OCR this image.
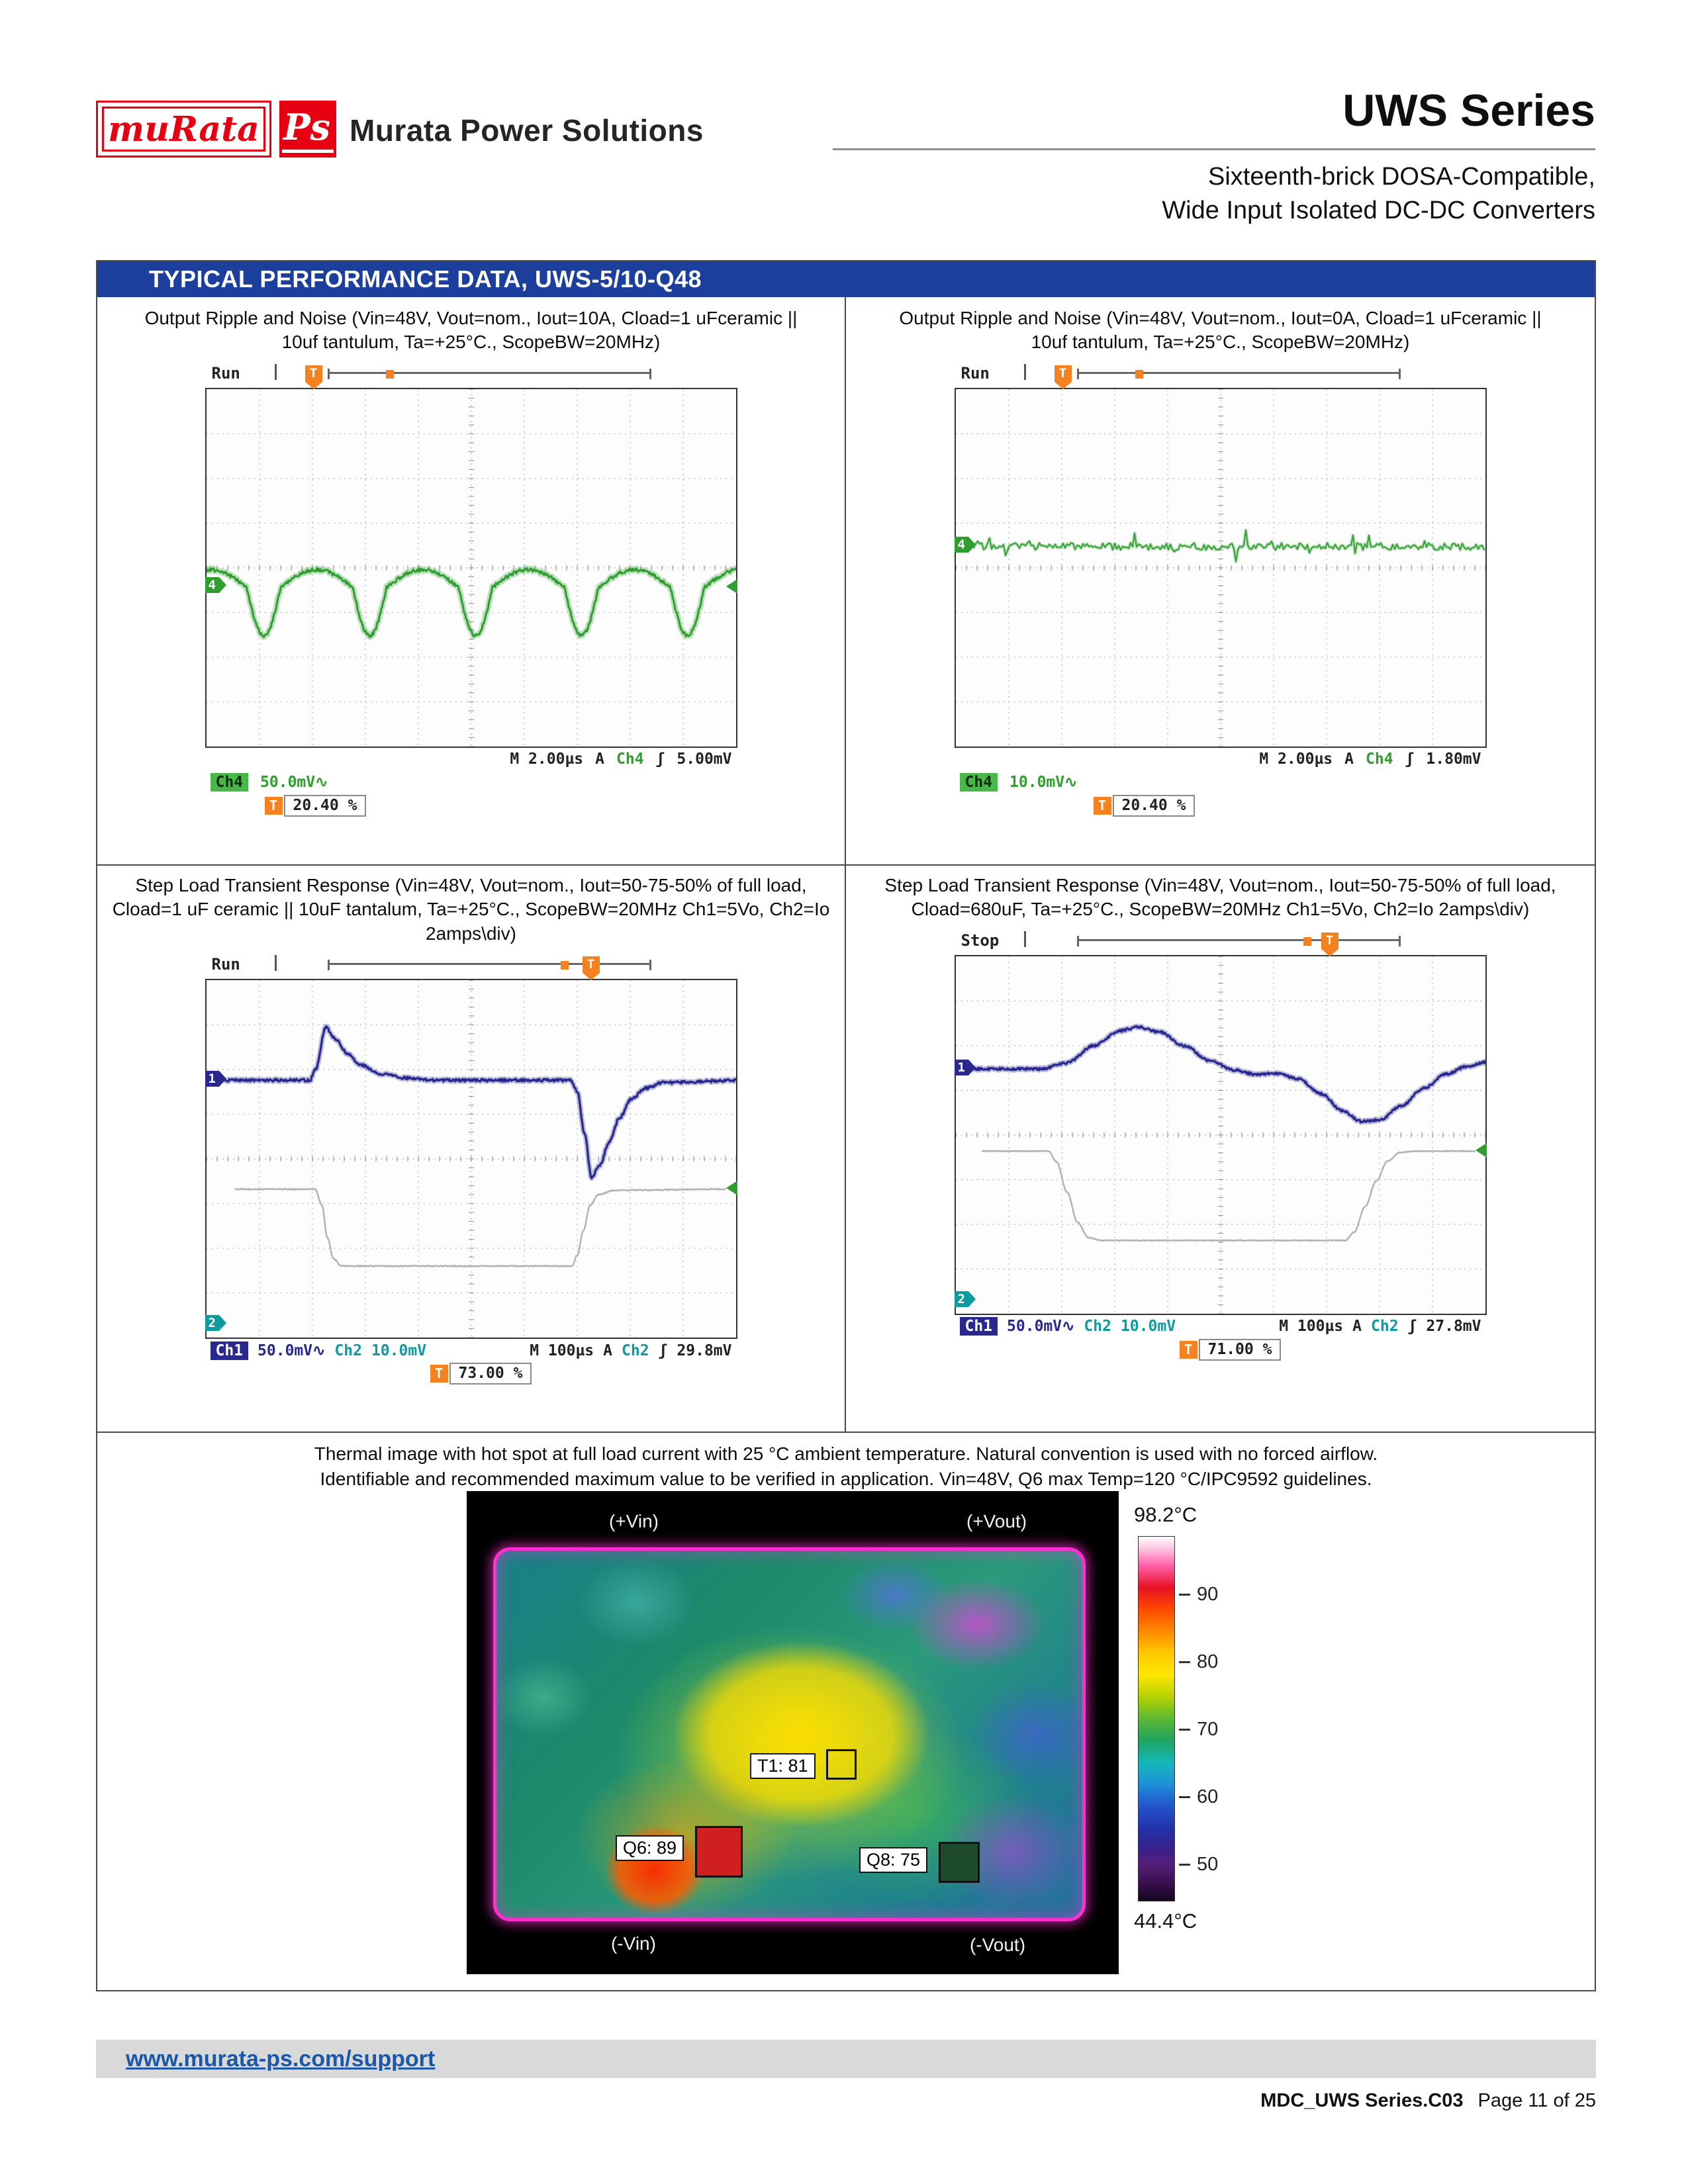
muRata Ps Murata Power Solutions	UWS Series
Sixteenth-brick DOSA-Compatible,
Wide Input Isolated DC-DC Converters
TYPICAL PERFORMANCE DATA, UWS-5/10-Q48
Output Ripple and Noise (Vin=48V, Vout=nom., Iout=10A, Cload=1 uFceramic || 10uf tantulum, Ta=+25°C., ScopeBW=20MHz)
Run	T
4
M 2.00µs A Ch4 ʃ 5.00mV
Ch4	50.0mV∿
T	20.40 %
Output Ripple and Noise (Vin=48V, Vout=nom., Iout=0A, Cload=1 uFceramic || 10uf tantulum, Ta=+25°C., ScopeBW=20MHz)
Run	T
4
M 2.00µs A Ch4 ʃ 1.80mV
Ch4	10.0mV∿
T	20.40 %
Step Load Transient Response (Vin=48V, Vout=nom., Iout=50-75-50% of full load, Cload=1 uF ceramic || 10uF tantalum, Ta=+25°C., ScopeBW=20MHz Ch1=5Vo, Ch2=Io 2amps\div)
Run	T
1
2
Ch1 50.0mV∿ Ch2 10.0mV	M 100µs A Ch2 ʃ 29.8mV
T	73.00 %
Step Load Transient Response (Vin=48V, Vout=nom., Iout=50-75-50% of full load, Cload=680uF, Ta=+25°C., ScopeBW=20MHz Ch1=5Vo, Ch2=Io 2amps\div)
Stop	T
1
2
Ch1 50.0mV∿ Ch2 10.0mV	M 100µs A Ch2 ʃ 27.8mV
T	71.00 %
Thermal image with hot spot at full load current with 25 °C ambient temperature. Natural convention is used with no forced airflow.
Identifiable and recommended maximum value to be verified in application. Vin=48V, Q6 max Temp=120 °C/IPC9592 guidelines.
(+Vin)	(+Vout)
(-Vin)	(-Vout)
T1: 81
Q6: 89
Q8: 75
98.2°C
90
80
70
60
50
44.4°C
www.murata-ps.com/support
MDC_UWS Series.C03 Page 11 of 25
